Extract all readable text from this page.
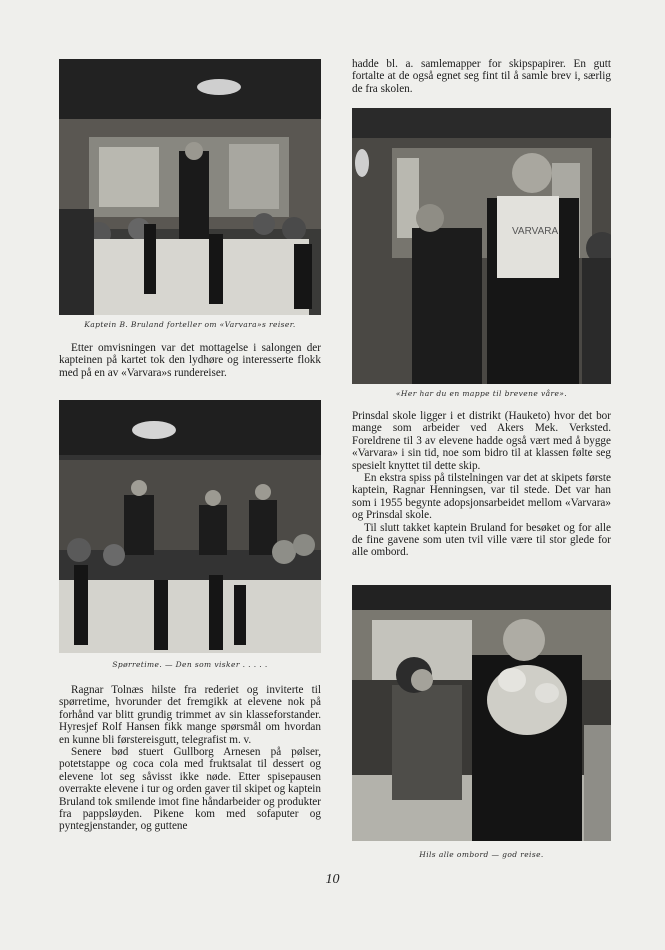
Kaptein B. Bruland forteller om «Varvara»s reiser.

Etter omvisningen var det mottagelse i salongen der kapteinen på kartet tok den lydhøre og interesserte flokk med på en av «Varvara»s rundereiser.

Spørretime. — Den som visker . . . . .

Ragnar Tolnæs hilste fra rederiet og inviterte til spørretime, hvorunder det fremgikk at elevene nok på forhånd var blitt grundig trimmet av sin klasseforstander. Hyresjef Rolf Hansen fikk mange spørsmål om hvordan en kunne bli førstereisgutt, telegrafist m. v.

Senere bød stuert Gullborg Arnesen på pølser, potetstappe og coca cola med fruktsalat til dessert og elevene lot seg såvisst ikke nøde. Etter spisepausen overrakte elevene i tur og orden gaver til skipet og kaptein Bruland tok smilende imot fine håndarbeider og produkter fra pappsløyden. Pikene kom med sofaputer og pyntegjenstander, og guttene

hadde bl. a. samlemapper for skipspapirer. En gutt fortalte at de også egnet seg fint til å samle brev i, særlig de fra skolen.

VARVARA
«Her har du en mappe til brevene våre».

Prinsdal skole ligger i et distrikt (Hauketo) hvor det bor mange som arbeider ved Akers Mek. Verksted. Foreldrene til 3 av elevene hadde også vært med å bygge «Varvara» i sin tid, noe som bidro til at klassen følte seg spesielt knyttet til dette skip.

En ekstra spiss på tilstelningen var det at skipets første kaptein, Ragnar Henningsen, var til stede. Det var han som i 1955 begynte adopsjonsarbeidet mellom «Varvara» og Prinsdal skole.

Til slutt takket kaptein Bruland for besøket og for alle de fine gavene som uten tvil ville være til stor glede for alle ombord.

Hils alle ombord — god reise.
10
